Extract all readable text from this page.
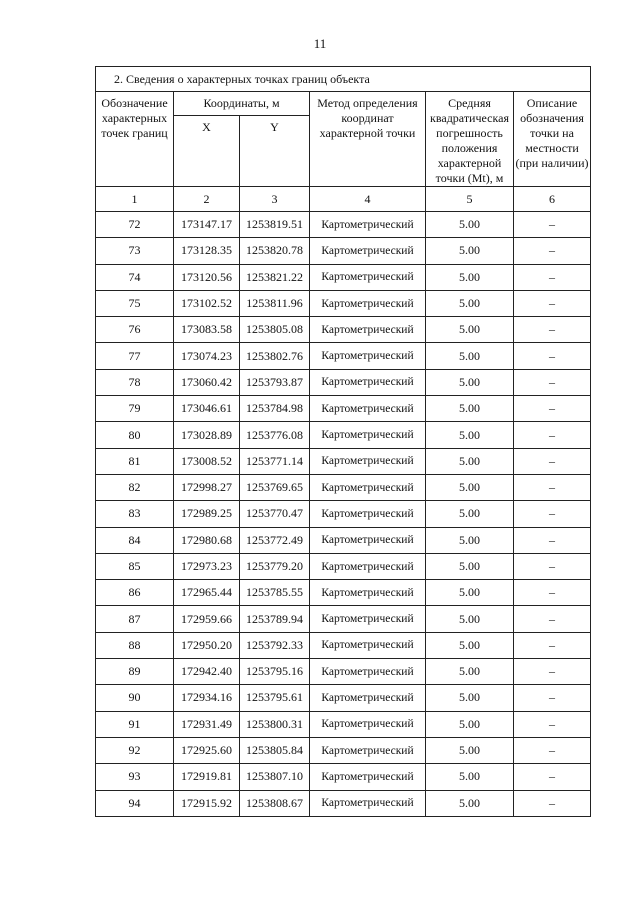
11
2. Сведения о характерных точках границ объекта					
Обозначение характерных точек границ	Координаты, м		Метод определения координат характерной точки	Средняя квадратическая погрешность положения характерной точки (Mt), м	Описание обозначения точки на местности (при наличии)
	X	Y			
1	2	3	4	5	6
72	173147.17	1253819.51	Картометрический	5.00	–
73	173128.35	1253820.78	Картометрический	5.00	–
74	173120.56	1253821.22	Картометрический	5.00	–
75	173102.52	1253811.96	Картометрический	5.00	–
76	173083.58	1253805.08	Картометрический	5.00	–
77	173074.23	1253802.76	Картометрический	5.00	–
78	173060.42	1253793.87	Картометрический	5.00	–
79	173046.61	1253784.98	Картометрический	5.00	–
80	173028.89	1253776.08	Картометрический	5.00	–
81	173008.52	1253771.14	Картометрический	5.00	–
82	172998.27	1253769.65	Картометрический	5.00	–
83	172989.25	1253770.47	Картометрический	5.00	–
84	172980.68	1253772.49	Картометрический	5.00	–
85	172973.23	1253779.20	Картометрический	5.00	–
86	172965.44	1253785.55	Картометрический	5.00	–
87	172959.66	1253789.94	Картометрический	5.00	–
88	172950.20	1253792.33	Картометрический	5.00	–
89	172942.40	1253795.16	Картометрический	5.00	–
90	172934.16	1253795.61	Картометрический	5.00	–
91	172931.49	1253800.31	Картометрический	5.00	–
92	172925.60	1253805.84	Картометрический	5.00	–
93	172919.81	1253807.10	Картометрический	5.00	–
94	172915.92	1253808.67	Картометрический	5.00	–
